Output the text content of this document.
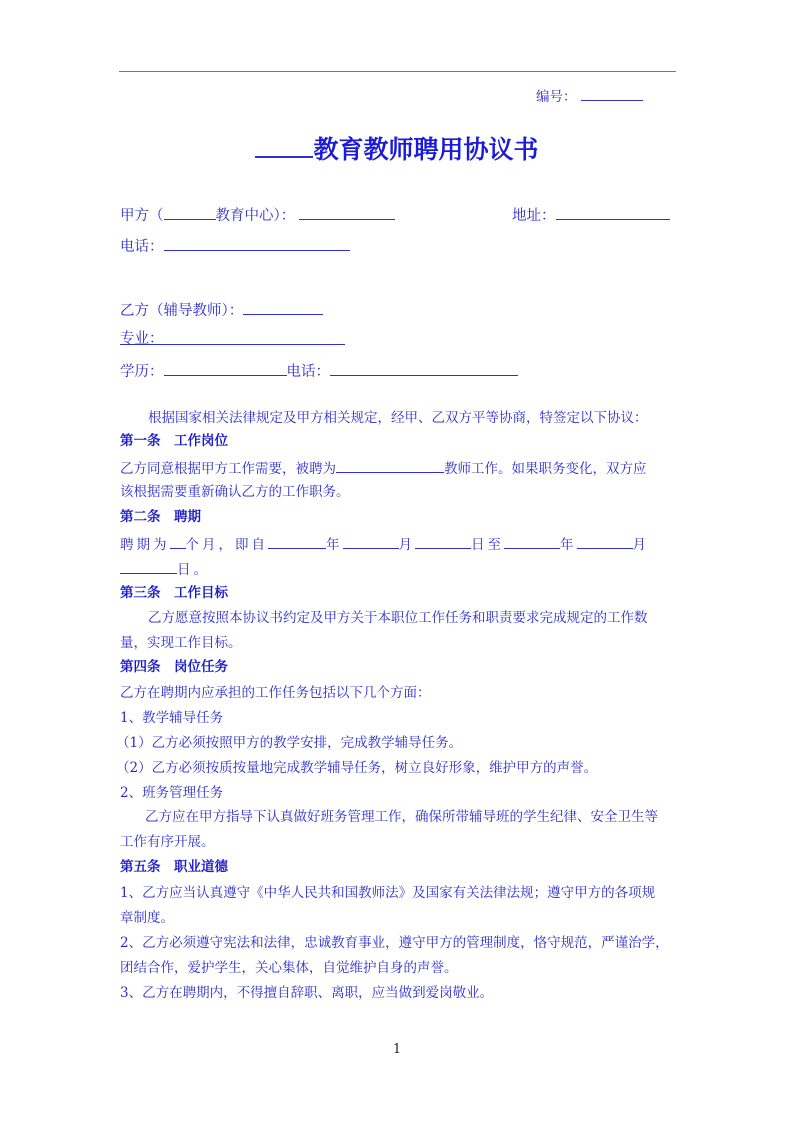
编号：
教育教师聘用协议书
甲方（	教育中心）：	地址：
电话：
乙方（辅导教师）：
专业：
学历：	电话：
根据国家相关法律规定及甲方相关规定，经甲、乙双方平等协商，特签定以下协议：
第一条　工作岗位
乙方同意根据甲方工作需要，被聘为	教师工作。如果职务变化，双方应
该根据需要重新确认乙方的工作职务。
第二条　聘期
聘期为 个月，即自	年	月	日至	年	月
日。
第三条　工作目标
乙方愿意按照本协议书约定及甲方关于本职位工作任务和职责要求完成规定的工作数
量，实现工作目标。
第四条　岗位任务
乙方在聘期内应承担的工作任务包括以下几个方面：
1、教学辅导任务
（1）乙方必须按照甲方的教学安排，完成教学辅导任务。
（2）乙方必须按质按量地完成教学辅导任务，树立良好形象，维护甲方的声誉。
2、班务管理任务
乙方应在甲方指导下认真做好班务管理工作，确保所带辅导班的学生纪律、安全卫生等
工作有序开展。
第五条　职业道德
1、乙方应当认真遵守《中华人民共和国教师法》及国家有关法律法规；遵守甲方的各项规
章制度。
2、乙方必须遵守宪法和法律，忠诚教育事业，遵守甲方的管理制度，恪守规范，严谨治学，
团结合作，爱护学生，关心集体，自觉维护自身的声誉。
3、乙方在聘期内，不得擅自辞职、离职，应当做到爱岗敬业。
1
